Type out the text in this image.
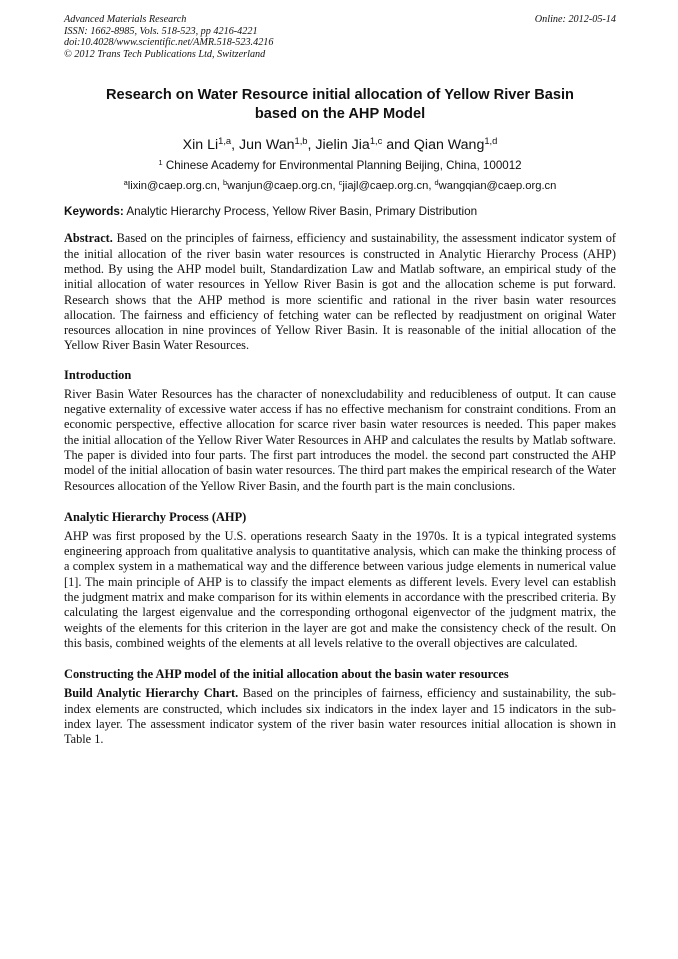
Advanced Materials Research	Online: 2012-05-14
ISSN: 1662-8985, Vols. 518-523, pp 4216-4221
doi:10.4028/www.scientific.net/AMR.518-523.4216
© 2012 Trans Tech Publications Ltd, Switzerland
Research on Water Resource initial allocation of Yellow River Basin
based on the AHP Model
Xin Li$^{1,a}$, Jun Wan$^{1,b}$, Jielin Jia$^{1,c}$ and Qian Wang$^{1,d}$
$^1$ Chinese Academy for Environmental Planning Beijing, China, 100012
$^a$lixin@caep.org.cn, $^b$wanjun@caep.org.cn, $^c$jiajl@caep.org.cn, $^d$wangqian@caep.org.cn
Keywords: Analytic Hierarchy Process, Yellow River Basin, Primary Distribution

Abstract. Based on the principles of fairness, efficiency and sustainability, the assessment indicator system of the initial allocation of the river basin water resources is constructed in Analytic Hierarchy Process (AHP) method. By using the AHP model built, Standardization Law and Matlab software, an empirical study of the initial allocation of water resources in Yellow River Basin is got and the allocation scheme is put forward. Research shows that the AHP method is more scientific and rational in the river basin water resources allocation. The fairness and efficiency of fetching water can be reflected by readjustment on original Water resources allocation in nine provinces of Yellow River Basin. It is reasonable of the initial allocation of the Yellow River Basin Water Resources.

Introduction

River Basin Water Resources has the character of nonexcludability and reducibleness of output. It can cause negative externality of excessive water access if has no effective mechanism for constraint conditions. From an economic perspective, effective allocation for scarce river basin water resources is needed. This paper makes the initial allocation of the Yellow River Water Resources in AHP and calculates the results by Matlab software. The paper is divided into four parts. The first part introduces the model. the second part constructed the AHP model of the initial allocation of basin water resources. The third part makes the empirical research of the Water Resources allocation of the Yellow River Basin, and the fourth part is the main conclusions.

Analytic Hierarchy Process (AHP)

AHP was first proposed by the U.S. operations research Saaty in the 1970s. It is a typical integrated systems engineering approach from qualitative analysis to quantitative analysis, which can make the thinking process of a complex system in a mathematical way and the difference between various judge elements in numerical value [1]. The main principle of AHP is to classify the impact elements as different levels. Every level can establish the judgment matrix and make comparison for its within elements in accordance with the prescribed criteria. By calculating the largest eigenvalue and the corresponding orthogonal eigenvector of the judgment matrix, the weights of the elements for this criterion in the layer are got and make the consistency check of the result. On this basis, combined weights of the elements at all levels relative to the overall objectives are calculated.

Constructing the AHP model of the initial allocation about the basin water resources

Build Analytic Hierarchy Chart. Based on the principles of fairness, efficiency and sustainability, the sub-index elements are constructed, which includes six indicators in the index layer and 15 indicators in the sub-index layer. The assessment indicator system of the river basin water resources initial allocation is shown in Table 1.
